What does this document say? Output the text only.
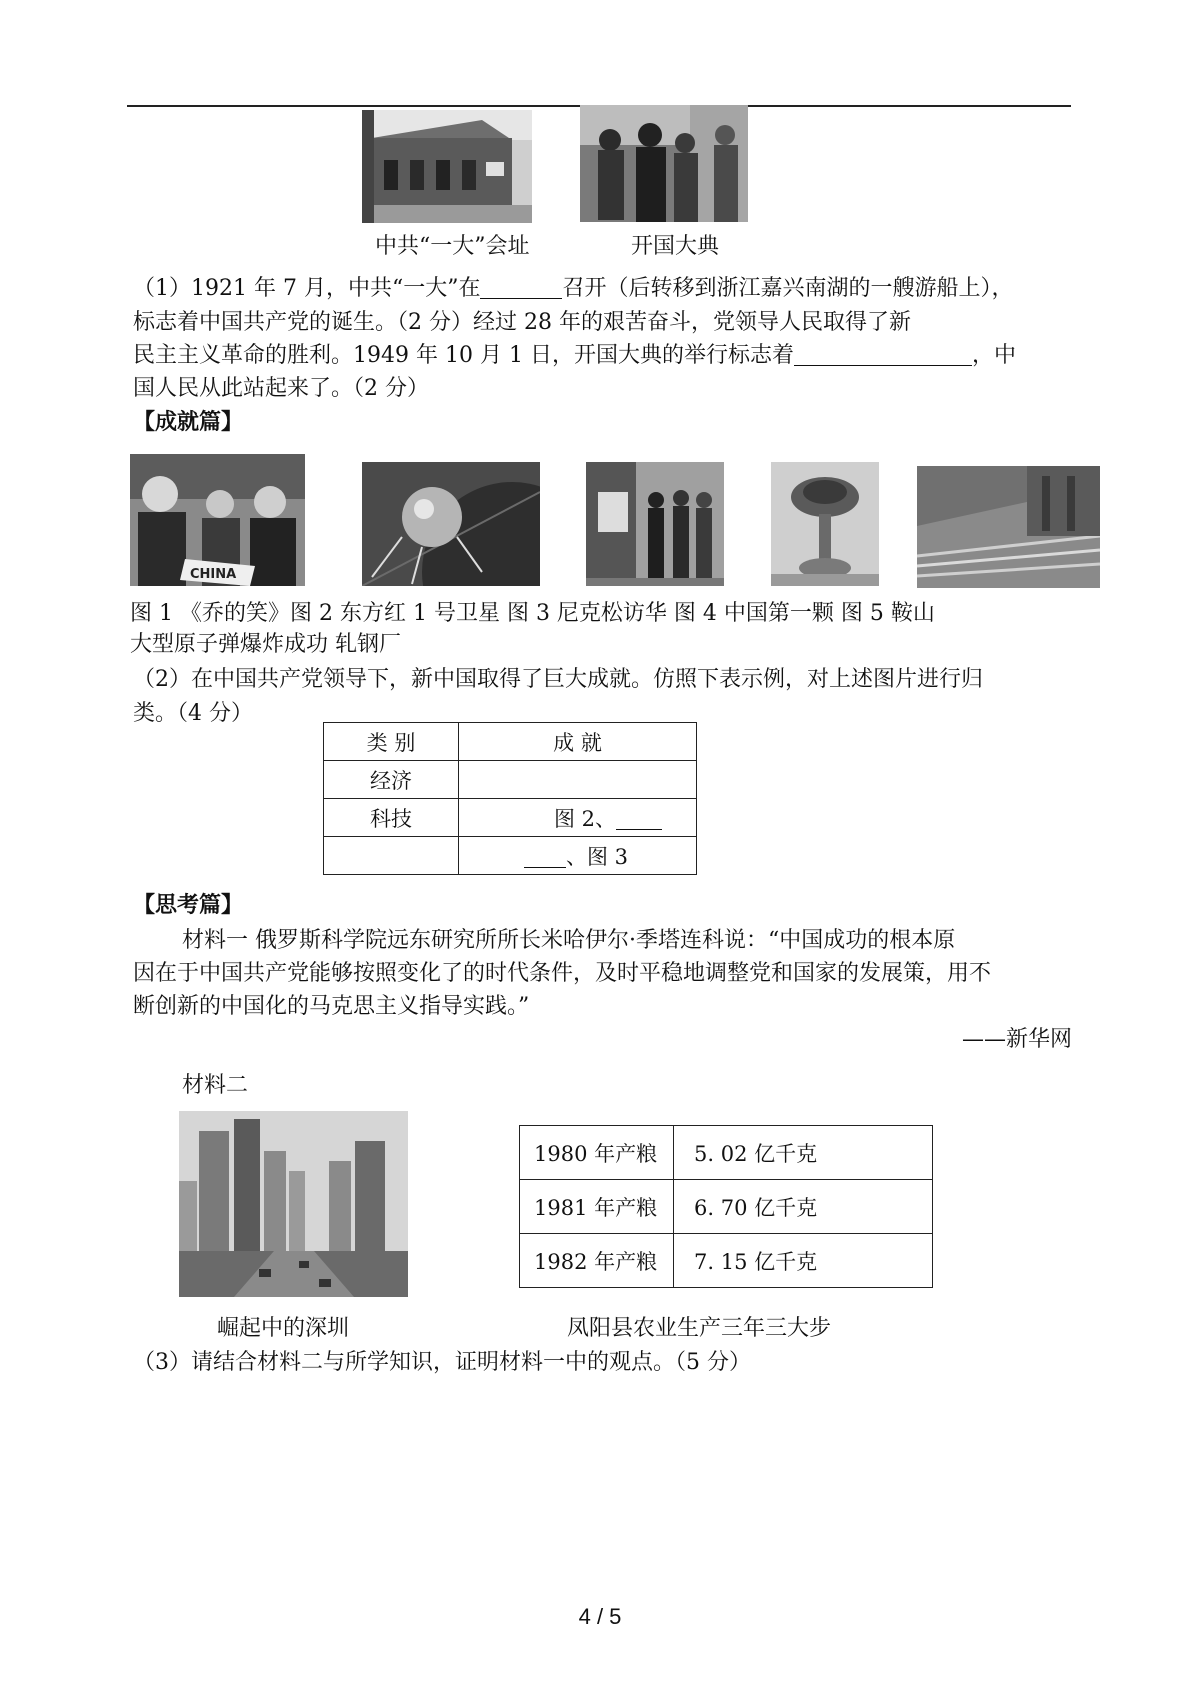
中共“一大”会址	开国大典
（1）1921 年 7 月，中共“一大”在	召开（后转移到浙江嘉兴南湖的一艘游船上），
标志着中国共产党的诞生。（2 分）经过 28 年的艰苦奋斗，党领导人民取得了新
民主主义革命的胜利。1949 年 10 月 1 日，开国大典的举行标志着	，中
国人民从此站起来了。（2 分）
【成就篇】
CHINA
图 1 《乔的笑》图 2 东方红 1 号卫星 图 3 尼克松访华 图 4 中国第一颗 图 5 鞍山
大型原子弹爆炸成功 轧钢厂
（2）在中国共产党领导下，新中国取得了巨大成就。仿照下表示例，对上述图片进行归
类。（4 分）
类 别	成 就
经济	
科技	图 2、
	、图 3
【思考篇】
材料一 俄罗斯科学院远东研究所所长米哈伊尔·季塔连科说：“中国成功的根本原
因在于中国共产党能够按照变化了的时代条件，及时平稳地调整党和国家的发展策，用不
断创新的中国化的马克思主义指导实践。”
——新华网
材料二
1980 年产粮	5. 02 亿千克
1981 年产粮	6. 70 亿千克
1982 年产粮	7. 15 亿千克
崛起中的深圳	凤阳县农业生产三年三大步
（3）请结合材料二与所学知识，证明材料一中的观点。（5 分）
4 / 5
